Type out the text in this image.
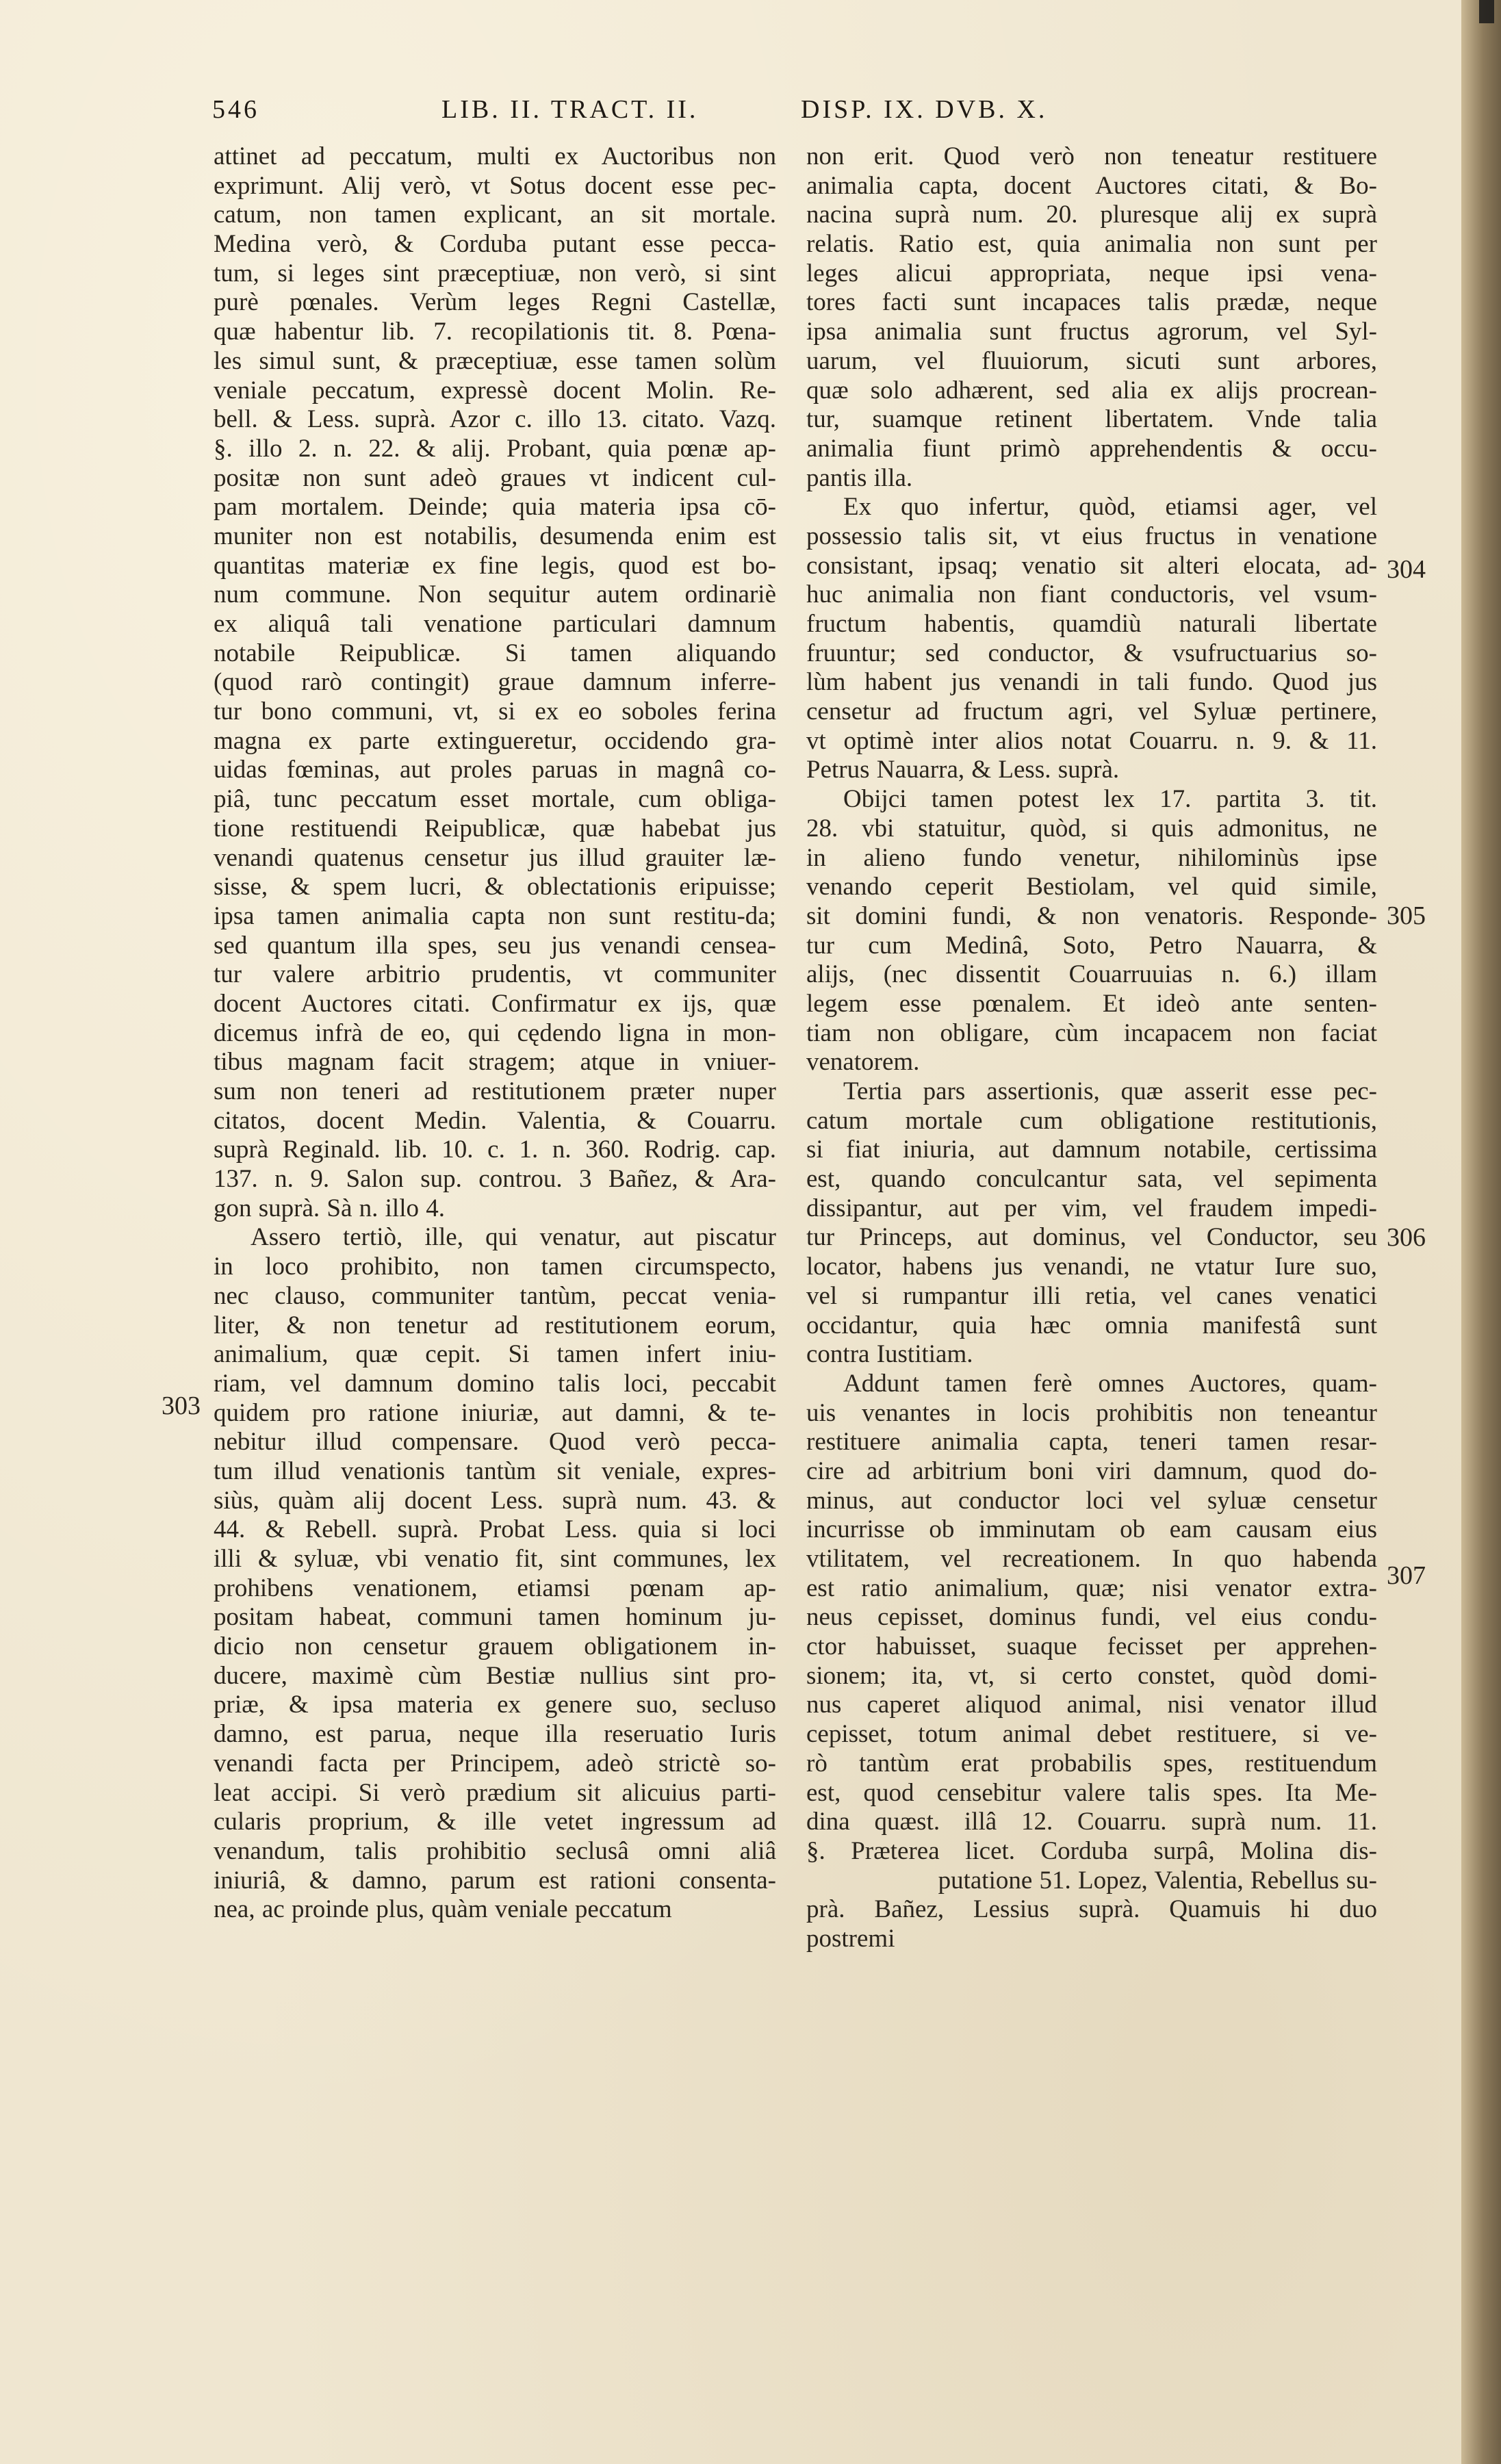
546	LIB. II. TRACT. II.	DISP. IX. DVB. X.
attinet ad peccatum, multi ex Auctoribus non
exprimunt. Alij verò, vt Sotus docent esse pec-
catum, non tamen explicant, an sit mortale.
Medina verò, & Corduba putant esse pecca-
tum, si leges sint præceptiuæ, non verò, si sint
purè pœnales. Verùm leges Regni Castellæ,
quæ habentur lib. 7. recopilationis tit. 8. Pœna-
les simul sunt, & præceptiuæ, esse tamen solùm
veniale peccatum, expressè docent Molin. Re-
bell. & Less. suprà. Azor c. illo 13. citato. Vazq.
§. illo 2. n. 22. & alij. Probant, quia pœnæ ap-
positæ non sunt adeò graues vt indicent cul-
pam mortalem. Deinde; quia materia ipsa cō-
muniter non est notabilis, desumenda enim est
quantitas materiæ ex fine legis, quod est bo-
num commune. Non sequitur autem ordinariè
ex aliquâ tali venatione particulari damnum
notabile Reipublicæ. Si tamen aliquando
(quod rarò contingit) graue damnum inferre-
tur bono communi, vt, si ex eo soboles ferina
magna ex parte extingueretur, occidendo gra-
uidas fœminas, aut proles paruas in magnâ co-
piâ, tunc peccatum esset mortale, cum obliga-
tione restituendi Reipublicæ, quæ habebat jus
venandi quatenus censetur jus illud grauiter læ-
sisse, & spem lucri, & oblectationis eripuisse;
ipsa tamen animalia capta non sunt restitu-da;
sed quantum illa spes, seu jus venandi censea-
tur valere arbitrio prudentis, vt communiter
docent Auctores citati. Confirmatur ex ijs, quæ
dicemus infrà de eo, qui cędendo ligna in mon-
tibus magnam facit stragem; atque in vniuer-
sum non teneri ad restitutionem præter nuper
citatos, docent Medin. Valentia, & Couarru.
suprà Reginald. lib. 10. c. 1. n. 360. Rodrig. cap.
137. n. 9. Salon sup. controu. 3 Bañez, & Ara-
gon suprà. Sà n. illo 4.
Assero tertiò, ille, qui venatur, aut piscatur
in loco prohibito, non tamen circumspecto,
nec clauso, communiter tantùm, peccat venia-
liter, & non tenetur ad restitutionem eorum,
animalium, quæ cepit. Si tamen infert iniu-
riam, vel damnum domino talis loci, peccabit
quidem pro ratione iniuriæ, aut damni, & te-
nebitur illud compensare. Quod verò pecca-
tum illud venationis tantùm sit veniale, expres-
siùs, quàm alij docent Less. suprà num. 43. &
44. & Rebell. suprà. Probat Less. quia si loci
illi & syluæ, vbi venatio fit, sint communes, lex
prohibens venationem, etiamsi pœnam ap-
positam habeat, communi tamen hominum ju-
dicio non censetur grauem obligationem in-
ducere, maximè cùm Bestiæ nullius sint pro-
priæ, & ipsa materia ex genere suo, secluso
damno, est parua, neque illa reseruatio Iuris
venandi facta per Principem, adeò strictè so-
leat accipi. Si verò prædium sit alicuius parti-
cularis proprium, & ille vetet ingressum ad
venandum, talis prohibitio seclusâ omni aliâ
iniuriâ, & damno, parum est rationi consenta-
nea, ac proinde plus, quàm veniale peccatum
non erit. Quod verò non teneatur restituere
animalia capta, docent Auctores citati, & Bo-
nacina suprà num. 20. pluresque alij ex suprà
relatis. Ratio est, quia animalia non sunt per
leges alicui appropriata, neque ipsi vena-
tores facti sunt incapaces talis prædæ, neque
ipsa animalia sunt fructus agrorum, vel Syl-
uarum, vel fluuiorum, sicuti sunt arbores,
quæ solo adhærent, sed alia ex alijs procrean-
tur, suamque retinent libertatem. Vnde talia
animalia fiunt primò apprehendentis & occu-
pantis illa.
Ex quo infertur, quòd, etiamsi ager, vel
possessio talis sit, vt eius fructus in venatione
consistant, ipsaq; venatio sit alteri elocata, ad-
huc animalia non fiant conductoris, vel vsum-
fructum habentis, quamdiù naturali libertate
fruuntur; sed conductor, & vsufructuarius so-
lùm habent jus venandi in tali fundo. Quod jus
censetur ad fructum agri, vel Syluæ pertinere,
vt optimè inter alios notat Couarru. n. 9. & 11.
Petrus Nauarra, & Less. suprà.
Obijci tamen potest lex 17. partita 3. tit.
28. vbi statuitur, quòd, si quis admonitus, ne
in alieno fundo venetur, nihilominùs ipse
venando ceperit Bestiolam, vel quid simile,
sit domini fundi, & non venatoris. Responde-
tur cum Medinâ, Soto, Petro Nauarra, &
alijs, (nec dissentit Couarruuias n. 6.) illam
legem esse pœnalem. Et ideò ante senten-
tiam non obligare, cùm incapacem non faciat
venatorem.
Tertia pars assertionis, quæ asserit esse pec-
catum mortale cum obligatione restitutionis,
si fiat iniuria, aut damnum notabile, certissima
est, quando conculcantur sata, vel sepimenta
dissipantur, aut per vim, vel fraudem impedi-
tur Princeps, aut dominus, vel Conductor, seu
locator, habens jus venandi, ne vtatur Iure suo,
vel si rumpantur illi retia, vel canes venatici
occidantur, quia hæc omnia manifestâ sunt
contra Iustitiam.
Addunt tamen ferè omnes Auctores, quam-
uis venantes in locis prohibitis non teneantur
restituere animalia capta, teneri tamen resar-
cire ad arbitrium boni viri damnum, quod do-
minus, aut conductor loci vel syluæ censetur
incurrisse ob imminutam ob eam causam eius
vtilitatem, vel recreationem. In quo habenda
est ratio animalium, quæ; nisi venator extra-
neus cepisset, dominus fundi, vel eius condu-
ctor habuisset, suaque fecisset per apprehen-
sionem; ita, vt, si certo constet, quòd domi-
nus caperet aliquod animal, nisi venator illud
cepisset, totum animal debet restituere, si ve-
rò tantùm erat probabilis spes, restituendum
est, quod censebitur valere talis spes. Ita Me-
dina quæst. illâ 12. Couarru. suprà num. 11.
§. Præterea licet. Corduba surpâ, Molina dis-
putatione 51. Lopez, Valentia, Rebellus su-
prà. Bañez, Lessius suprà. Quamuis hi duo
postremi
303
304
305
306
307
